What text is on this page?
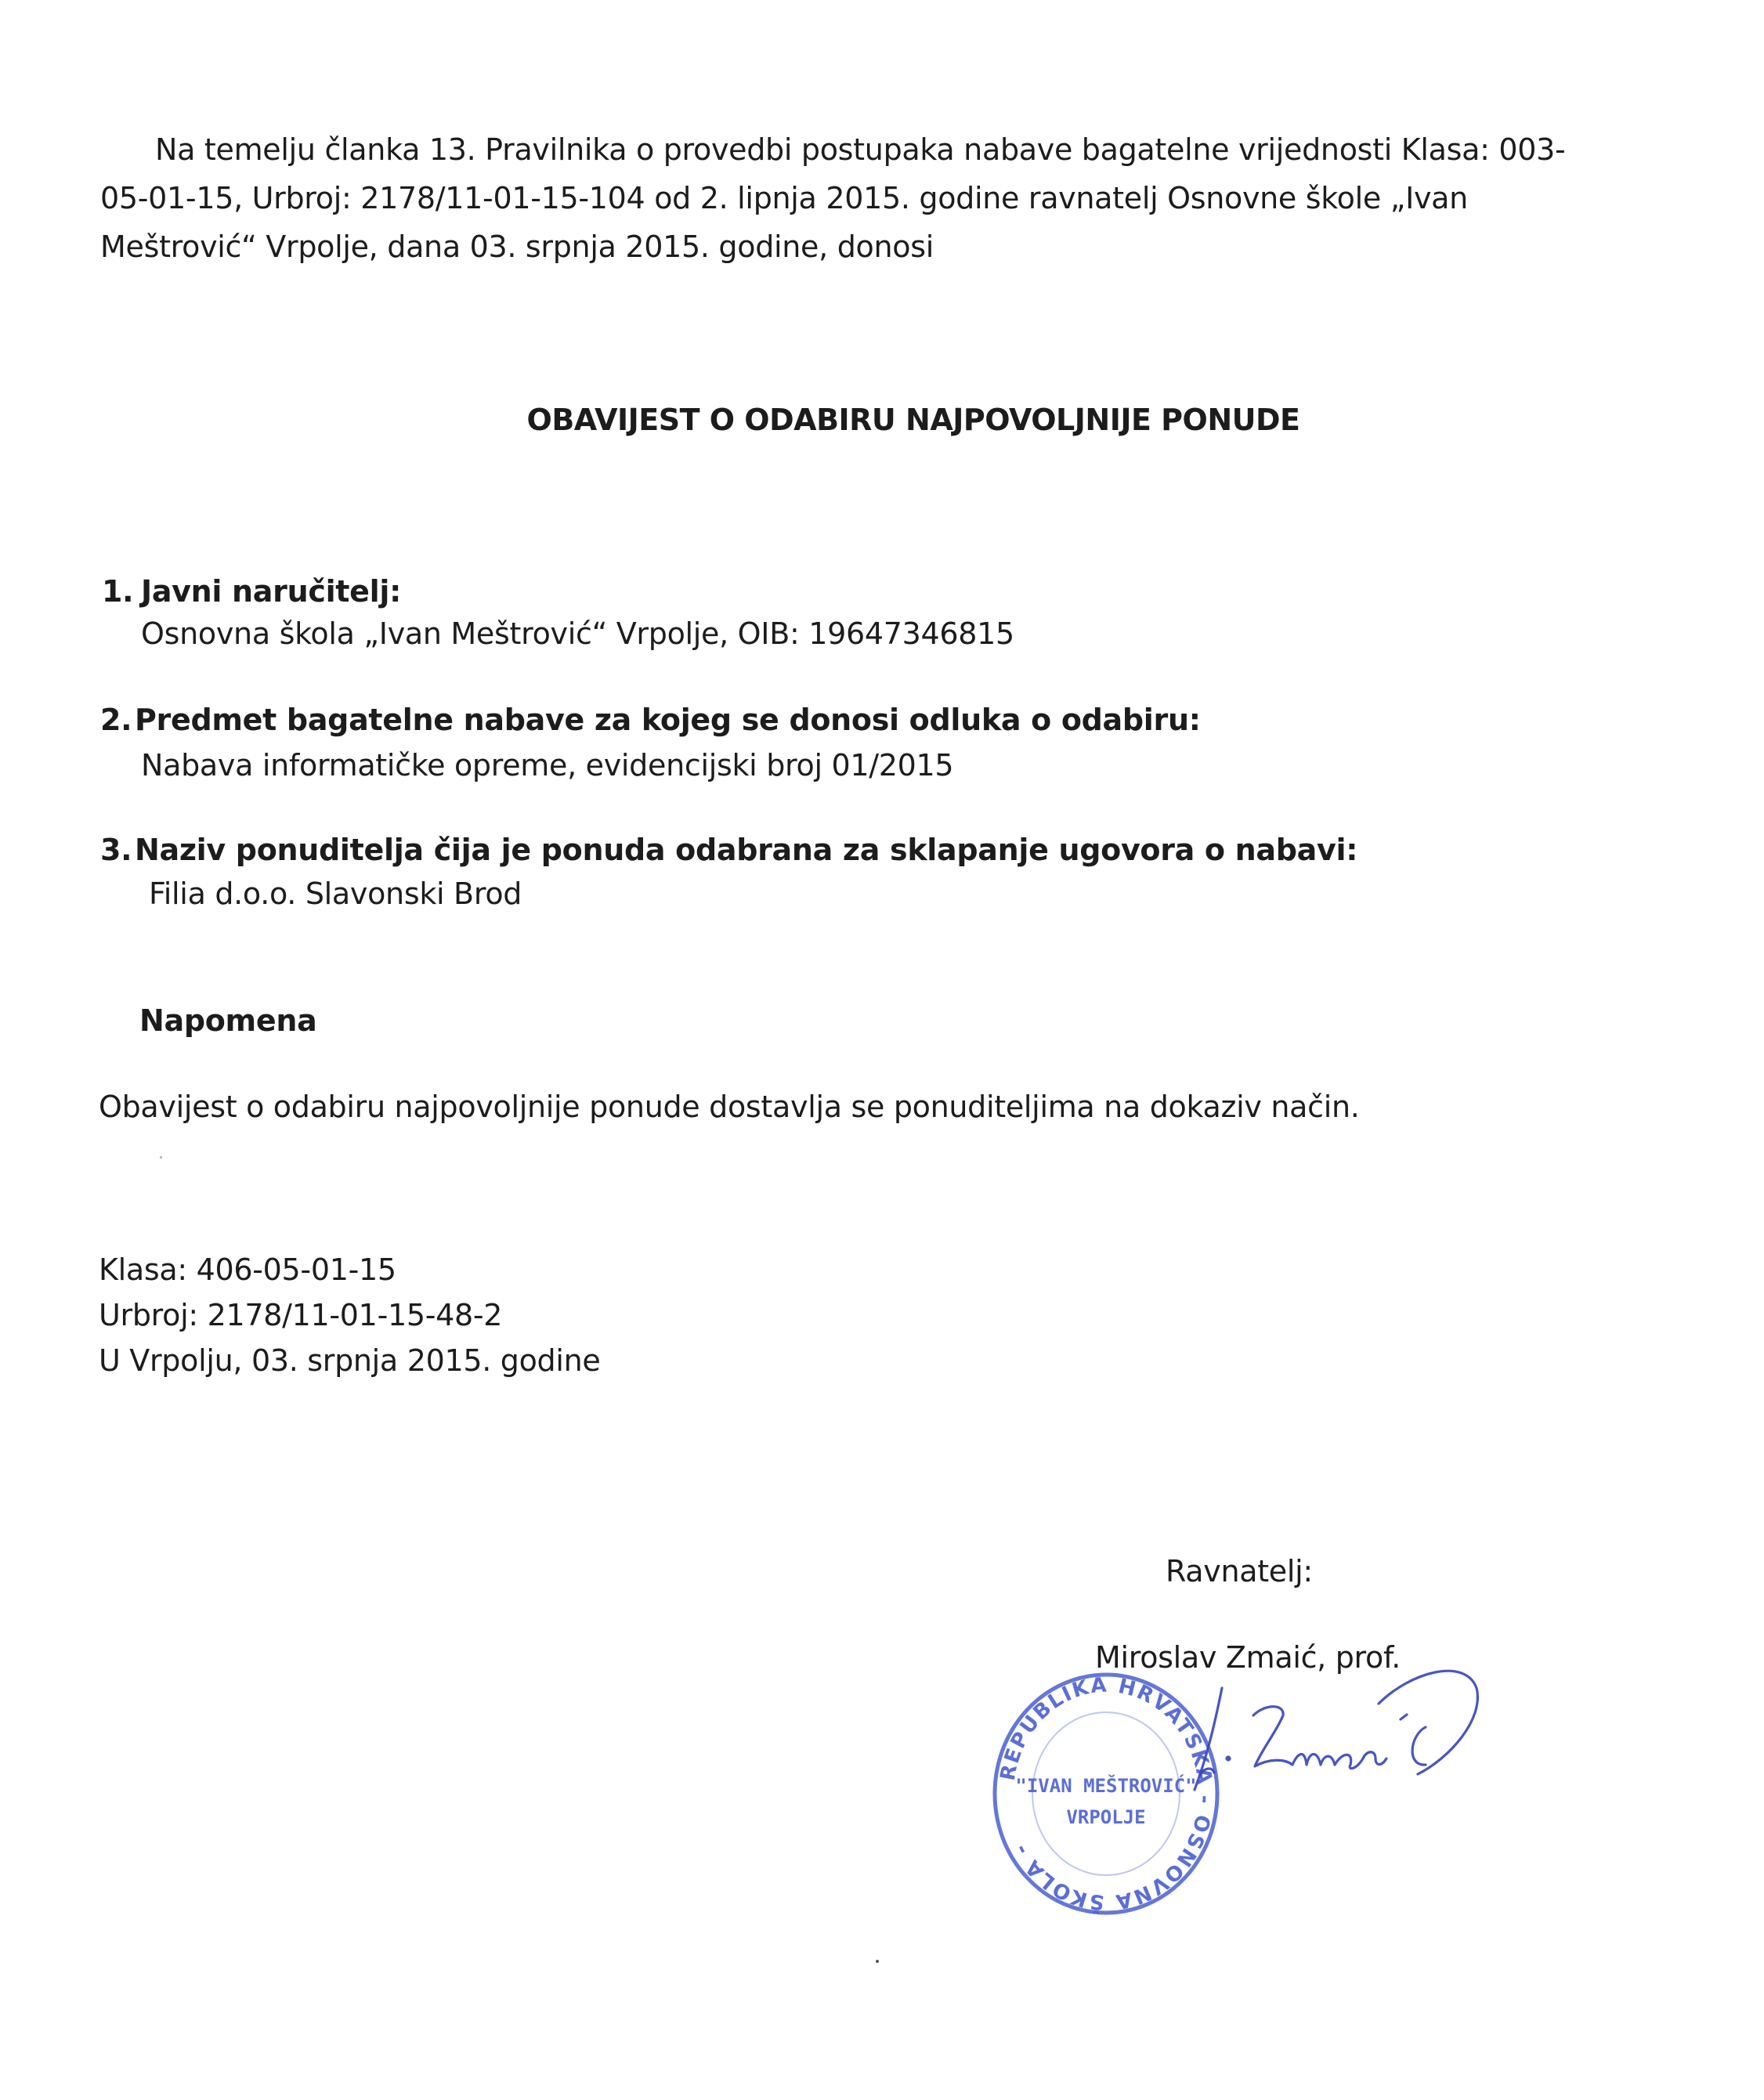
Na temelju članka 13. Pravilnika o provedbi postupaka nabave bagatelne vrijednosti Klasa: 003-05-01-15, Urbroj: 2178/11-01-15-104 od 2. lipnja 2015. godine ravnatelj Osnovne škole „Ivan Meštrović“ Vrpolje, dana 03. srpnja 2015. godine, donosi
OBAVIJEST O ODABIRU NAJPOVOLJNIJE PONUDE
1. Javni naručitelj:
Osnovna škola „Ivan Meštrović“ Vrpolje, OIB: 19647346815
2. Predmet bagatelne nabave za kojeg se donosi odluka o odabiru:
Nabava informatičke opreme, evidencijski broj 01/2015
3. Naziv ponuditelja čija je ponuda odabrana za sklapanje ugovora o nabavi:
Filia d.o.o. Slavonski Brod
Napomena
Obavijest o odabiru najpovoljnije ponude dostavlja se ponuditeljima na dokaziv način.
Klasa: 406-05-01-15
Urbroj: 2178/11-01-15-48-2
U Vrpolju, 03. srpnja 2015. godine
Ravnatelj:
Miroslav Zmaić, prof.
REPUBLIKA HRVATSKA - OSNOVNA ŠKOLA -
"IVAN MEŠTROVIĆ"
VRPOLJE
